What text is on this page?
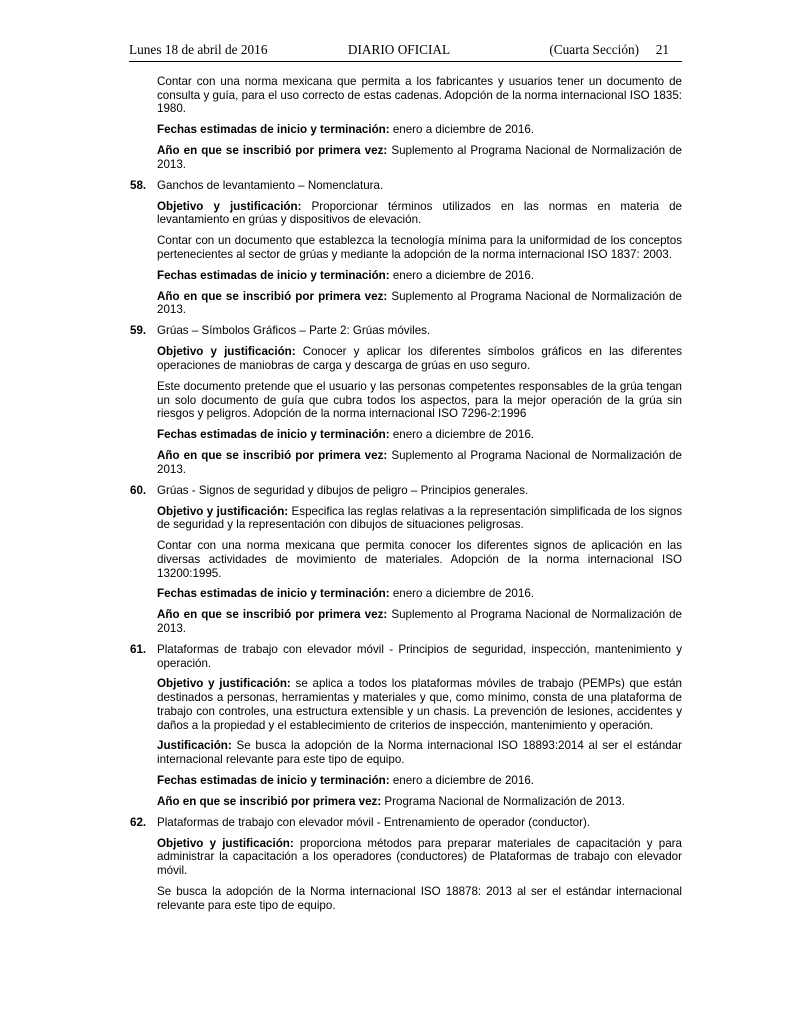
Lunes 18 de abril de 2016	DIARIO OFICIAL	(Cuarta Sección) 21

Contar con una norma mexicana que permita a los fabricantes y usuarios tener un documento de consulta y guía, para el uso correcto de estas cadenas. Adopción de la norma internacional ISO 1835: 1980.

Fechas estimadas de inicio y terminación: enero a diciembre de 2016.

Año en que se inscribió por primera vez: Suplemento al Programa Nacional de Normalización de 2013.

58. Ganchos de levantamiento – Nomenclatura.

Objetivo y justificación: Proporcionar términos utilizados en las normas en materia de levantamiento en grúas y dispositivos de elevación.

Contar con un documento que establezca la tecnología mínima para la uniformidad de los conceptos pertenecientes al sector de grúas y mediante la adopción de la norma internacional ISO 1837: 2003.

Fechas estimadas de inicio y terminación: enero a diciembre de 2016.

Año en que se inscribió por primera vez: Suplemento al Programa Nacional de Normalización de 2013.

59. Grúas – Símbolos Gráficos – Parte 2: Grúas móviles.

Objetivo y justificación: Conocer y aplicar los diferentes símbolos gráficos en las diferentes operaciones de maniobras de carga y descarga de grúas en uso seguro.

Este documento pretende que el usuario y las personas competentes responsables de la grúa tengan un solo documento de guía que cubra todos los aspectos, para la mejor operación de la grúa sin riesgos y peligros. Adopción de la norma internacional ISO 7296-2:1996

Fechas estimadas de inicio y terminación: enero a diciembre de 2016.

Año en que se inscribió por primera vez: Suplemento al Programa Nacional de Normalización de 2013.

60. Grúas - Signos de seguridad y dibujos de peligro – Principios generales.

Objetivo y justificación: Especifica las reglas relativas a la representación simplificada de los signos de seguridad y la representación con dibujos de situaciones peligrosas.

Contar con una norma mexicana que permita conocer los diferentes signos de aplicación en las diversas actividades de movimiento de materiales. Adopción de la norma internacional ISO 13200:1995.

Fechas estimadas de inicio y terminación: enero a diciembre de 2016.

Año en que se inscribió por primera vez: Suplemento al Programa Nacional de Normalización de 2013.

61. Plataformas de trabajo con elevador móvil - Principios de seguridad, inspección, mantenimiento y operación.

Objetivo y justificación: se aplica a todos los plataformas móviles de trabajo (PEMPs) que están destinados a personas, herramientas y materiales y que, como mínimo, consta de una plataforma de trabajo con controles, una estructura extensible y un chasis. La prevención de lesiones, accidentes y daños a la propiedad y el establecimiento de criterios de inspección, mantenimiento y operación.

Justificación: Se busca la adopción de la Norma internacional ISO 18893:2014 al ser el estándar internacional relevante para este tipo de equipo.

Fechas estimadas de inicio y terminación: enero a diciembre de 2016.

Año en que se inscribió por primera vez: Programa Nacional de Normalización de 2013.

62. Plataformas de trabajo con elevador móvil - Entrenamiento de operador (conductor).

Objetivo y justificación: proporciona métodos para preparar materiales de capacitación y para administrar la capacitación a los operadores (conductores) de Plataformas de trabajo con elevador móvil.

Se busca la adopción de la Norma internacional ISO 18878: 2013 al ser el estándar internacional relevante para este tipo de equipo.
